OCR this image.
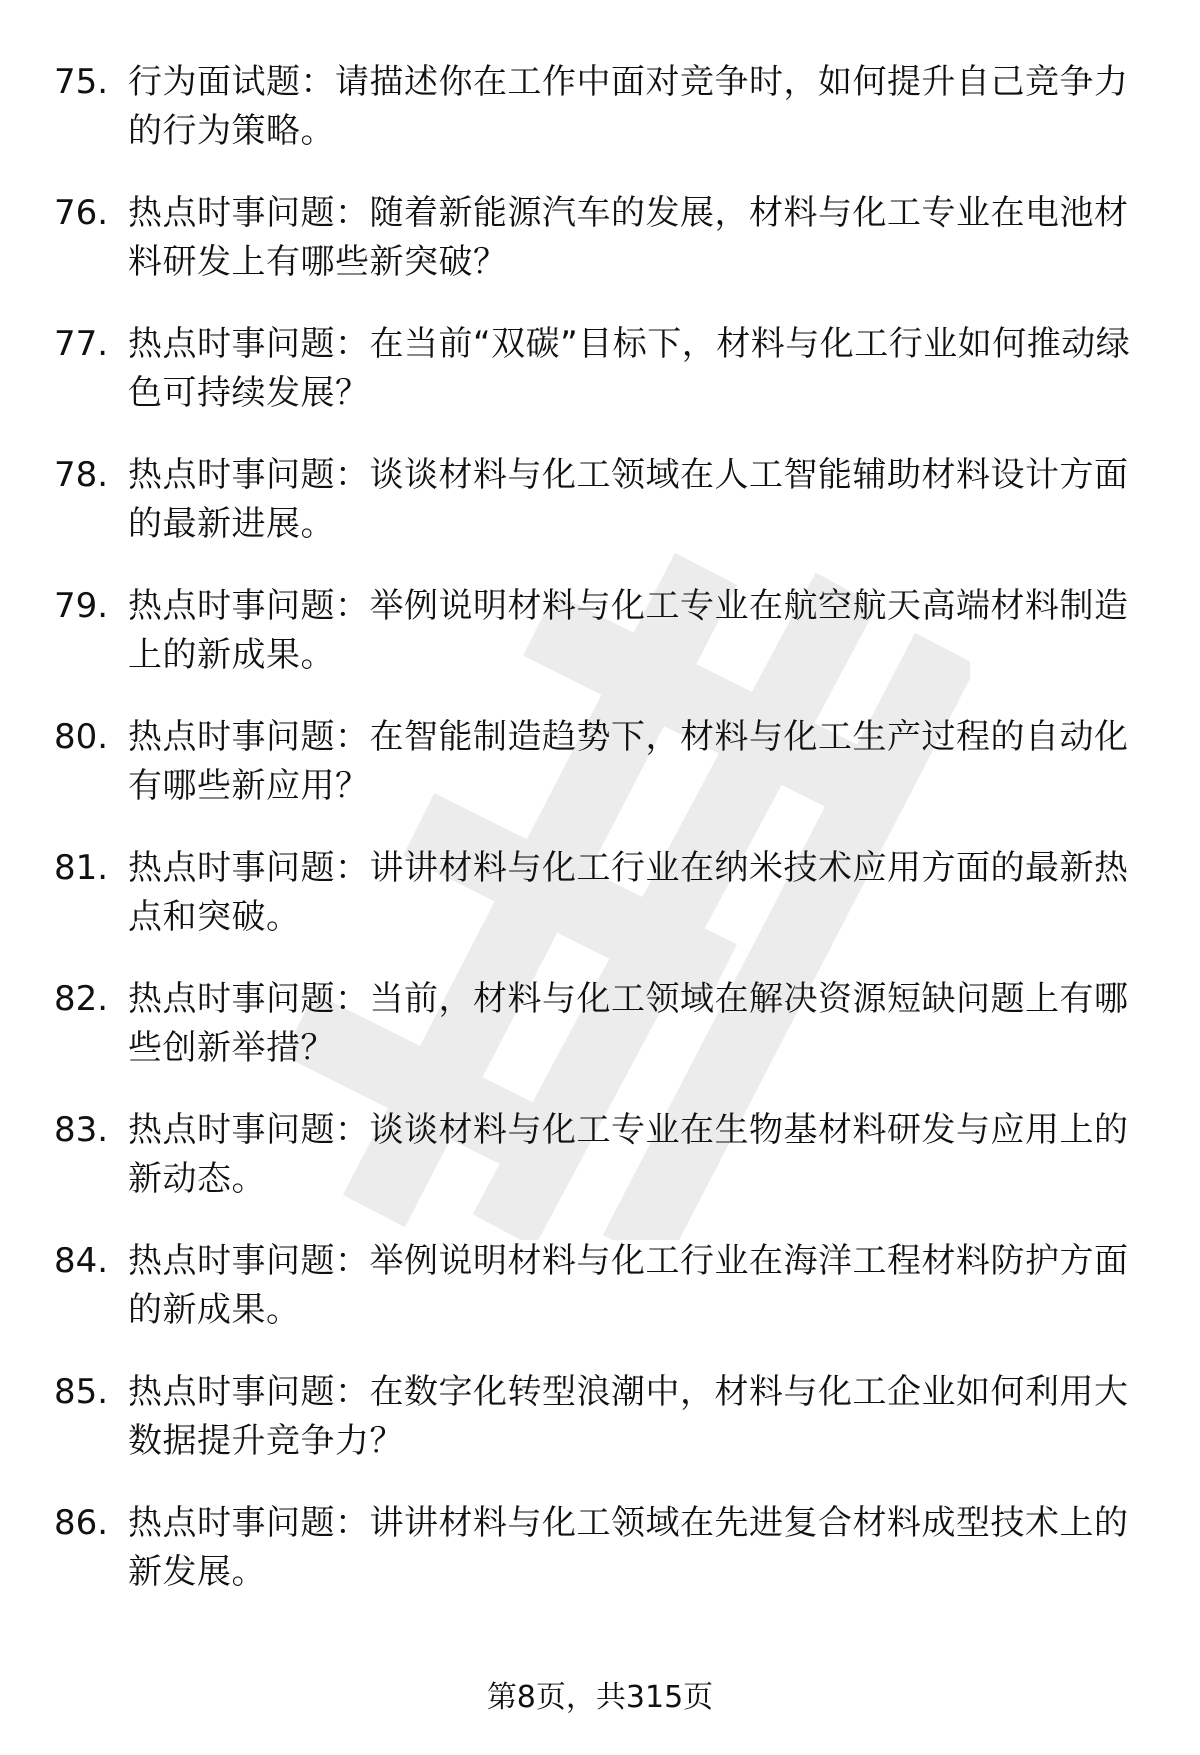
75. 行为面试题：请描述你在工作中面对竞争时，如何提升自己竞争力的行为策略。
76. 热点时事问题：随着新能源汽车的发展，材料与化工专业在电池材料研发上有哪些新突破？
77. 热点时事问题：在当前“双碳”目标下，材料与化工行业如何推动绿色可持续发展？
78. 热点时事问题：谈谈材料与化工领域在人工智能辅助材料设计方面的最新进展。
79. 热点时事问题：举例说明材料与化工专业在航空航天高端材料制造上的新成果。
80. 热点时事问题：在智能制造趋势下，材料与化工生产过程的自动化有哪些新应用？
81. 热点时事问题：讲讲材料与化工行业在纳米技术应用方面的最新热点和突破。
82. 热点时事问题：当前，材料与化工领域在解决资源短缺问题上有哪些创新举措？
83. 热点时事问题：谈谈材料与化工专业在生物基材料研发与应用上的新动态。
84. 热点时事问题：举例说明材料与化工行业在海洋工程材料防护方面的新成果。
85. 热点时事问题：在数字化转型浪潮中，材料与化工企业如何利用大数据提升竞争力？
86. 热点时事问题：讲讲材料与化工领域在先进复合材料成型技术上的新发展。
第8页，共315页
